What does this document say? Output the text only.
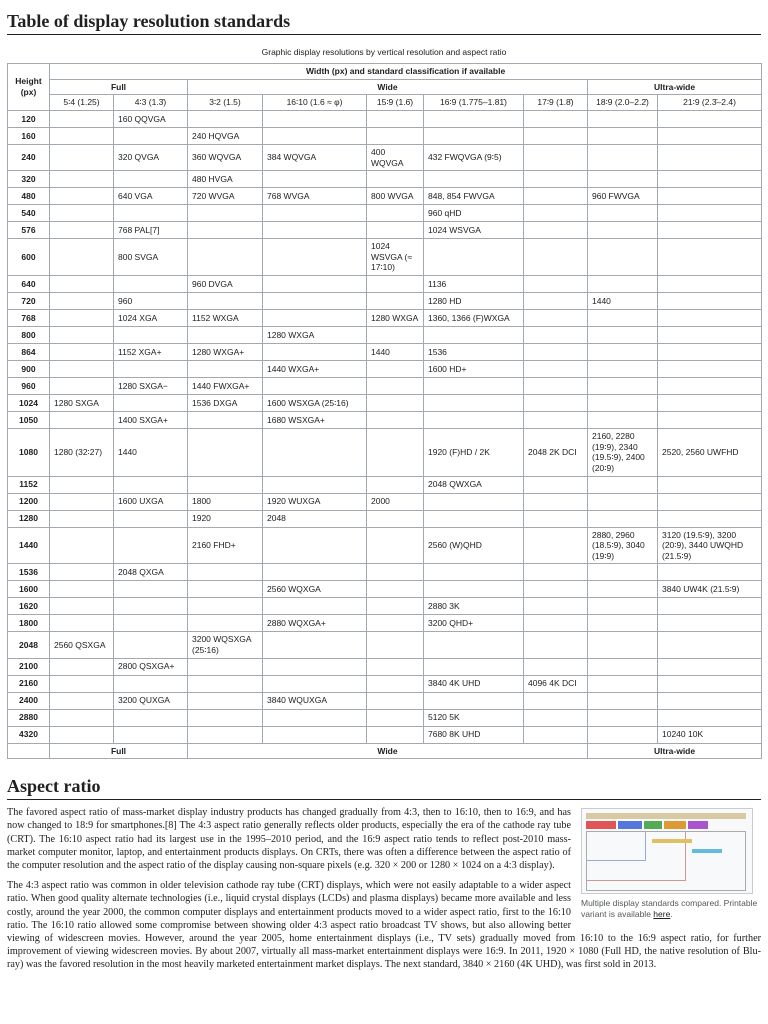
Table of display resolution standards
Graphic display resolutions by vertical resolution and aspect ratio
Height (px)	Width (px) and standard classification if available								
	Full		Wide					Ultra-wide	
	5∶4 (1.25)	4∶3 (1.3̄)	3∶2 (1.5)	16∶10 (1.6 ≈ φ)	15∶9 (1.6̄)	16∶9 (1.775–1.81̄)	17∶9 (1.8̄)	18∶9 (2.0–2.2̄)	21∶9 (2.3̄–2.4)
120		160 QQVGA							
160			240 HQVGA						
240		320 QVGA	360 WQVGA	384 WQVGA	400 WQVGA	432 FWQVGA (9∶5)			
320			480 HVGA						
480		640 VGA	720 WVGA	768 WVGA	800 WVGA	848, 854 FWVGA		960 FWVGA	
540						960 qHD			
576		768 PAL[7]				1024 WSVGA			
600		800 SVGA			1024 WSVGA (≈ 17∶10)				
640			960 DVGA			1136			
720		960				1280 HD		1440	
768		1024 XGA	1152 WXGA		1280 WXGA	1360, 1366 (F)WXGA			
800				1280 WXGA					
864		1152 XGA+	1280 WXGA+		1440	1536			
900				1440 WXGA+		1600 HD+			
960		1280 SXGA−	1440 FWXGA+						
1024	1280 SXGA		1536 DXGA	1600 WSXGA (25∶16)					
1050		1400 SXGA+		1680 WSXGA+					
1080	1280 (32∶27)	1440				1920 (F)HD / 2K	2048 2K DCI	2160, 2280 (19∶9), 2340 (19.5∶9), 2400 (20∶9)	2520, 2560 UWFHD
1152						2048 QWXGA			
1200		1600 UXGA	1800	1920 WUXGA	2000				
1280			1920	2048					
1440			2160 FHD+			2560 (W)QHD		2880, 2960 (18.5∶9), 3040 (19∶9)	3120 (19.5∶9), 3200 (20∶9), 3440 UWQHD (21.5∶9)
1536		2048 QXGA							
1600				2560 WQXGA					3840 UW4K (21.5∶9)
1620						2880 3K			
1800				2880 WQXGA+		3200 QHD+			
2048	2560 QSXGA		3200 WQSXGA (25∶16)						
2100		2800 QSXGA+							
2160						3840 4K UHD	4096 4K DCI		
2400		3200 QUXGA		3840 WQUXGA					
2880						5120 5K			
4320						7680 8K UHD			10240 10K
	Full		Wide					Ultra-wide	
Aspect ratio

Multiple display standards compared. Printable variant is available here.

The favored aspect ratio of mass-market display industry products has changed gradually from 4:3, then to 16:10, then to 16:9, and has now changed to 18:9 for smartphones.[8] The 4:3 aspect ratio generally reflects older products, especially the era of the cathode ray tube (CRT). The 16:10 aspect ratio had its largest use in the 1995–2010 period, and the 16:9 aspect ratio tends to reflect post-2010 mass-market computer monitor, laptop, and entertainment products displays. On CRTs, there was often a difference between the aspect ratio of the computer resolution and the aspect ratio of the display causing non-square pixels (e.g. 320 × 200 or 1280 × 1024 on a 4:3 display).

The 4:3 aspect ratio was common in older television cathode ray tube (CRT) displays, which were not easily adaptable to a wider aspect ratio. When good quality alternate technologies (i.e., liquid crystal displays (LCDs) and plasma displays) became more available and less costly, around the year 2000, the common computer displays and entertainment products moved to a wider aspect ratio, first to the 16:10 ratio. The 16:10 ratio allowed some compromise between showing older 4:3 aspect ratio broadcast TV shows, but also allowing better viewing of widescreen movies. However, around the year 2005, home entertainment displays (i.e., TV sets) gradually moved from 16:10 to the 16:9 aspect ratio, for further improvement of viewing widescreen movies. By about 2007, virtually all mass-market entertainment displays were 16:9. In 2011, 1920 × 1080 (Full HD, the native resolution of Blu-ray) was the favored resolution in the most heavily marketed entertainment market displays. The next standard, 3840 × 2160 (4K UHD), was first sold in 2013.
